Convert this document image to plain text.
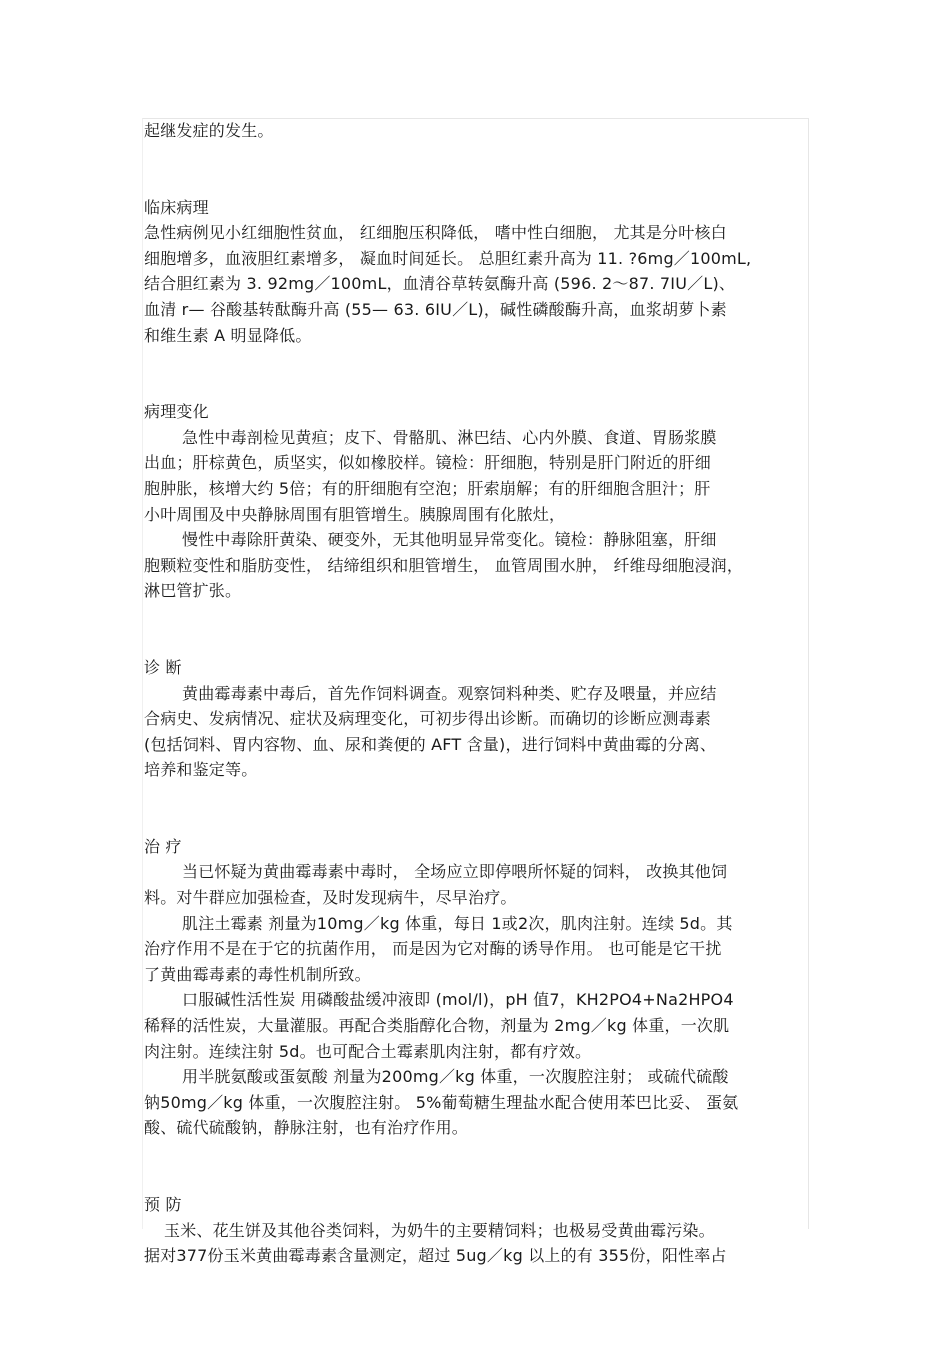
起继发症的发生。
临床病理
急性病例见小红细胞性贫血， 红细胞压积降低， 嗜中性白细胞， 尤其是分叶核白
细胞增多，血液胆红素增多， 凝血时间延长。 总胆红素升高为 11. ?6mg／100mL,
结合胆红素为 3. 92mg／100mL，血清谷草转氨酶升高 (596. 2～87. 7IU／L)、
血清 r— 谷酸基转酞酶升高 (55— 63. 6IU／L)，碱性磷酸酶升高，血浆胡萝卜素
和维生素 A 明显降低。
病理变化
急性中毒剖检见黄疸；皮下、骨骼肌、淋巴结、心内外膜、食道、胃肠浆膜
出血；肝棕黄色，质坚实，似如橡胶样。镜检：肝细胞，特别是肝门附近的肝细
胞肿胀，核增大约 5倍；有的肝细胞有空泡；肝索崩解；有的肝细胞含胆汁；肝
小叶周围及中央静脉周围有胆管增生。胰腺周围有化脓灶，
慢性中毒除肝黄染、硬变外，无其他明显异常变化。镜检：静脉阻塞，肝细
胞颗粒变性和脂肪变性， 结缔组织和胆管增生， 血管周围水肿， 纤维母细胞浸润，
淋巴管扩张。
诊 断
黄曲霉毒素中毒后，首先作饲料调查。观察饲料种类、贮存及喂量，并应结
合病史、发病情况、症状及病理变化，可初步得出诊断。而确切的诊断应测毒素
(包括饲料、胃内容物、血、尿和粪便的 AFT 含量)，进行饲料中黄曲霉的分离、
培养和鉴定等。
治 疗
当已怀疑为黄曲霉毒素中毒时， 全场应立即停喂所怀疑的饲料， 改换其他饲
料。对牛群应加强检查，及时发现病牛，尽早治疗。
肌注土霉素 剂量为10mg／kg 体重，每日 1或2次，肌肉注射。连续 5d。其
治疗作用不是在于它的抗菌作用， 而是因为它对酶的诱导作用。 也可能是它干扰
了黄曲霉毒素的毒性机制所致。
口服碱性活性炭 用磷酸盐缓冲液即 (mol/l)，pH 值7，KH2PO4+Na2HPO4
稀释的活性炭，大量灌服。再配合类脂醇化合物，剂量为 2mg／kg 体重，一次肌
肉注射。连续注射 5d。也可配合土霉素肌肉注射，都有疗效。
用半胱氨酸或蛋氨酸 剂量为200mg／kg 体重，一次腹腔注射； 或硫代硫酸
钠50mg／kg 体重，一次腹腔注射。 5%葡萄糖生理盐水配合使用苯巴比妥、 蛋氨
酸、硫代硫酸钠，静脉注射，也有治疗作用。
预 防
玉米、花生饼及其他谷类饲料，为奶牛的主要精饲料；也极易受黄曲霉污染。
据对377份玉米黄曲霉毒素含量测定，超过 5ug／kg 以上的有 355份，阳性率占
